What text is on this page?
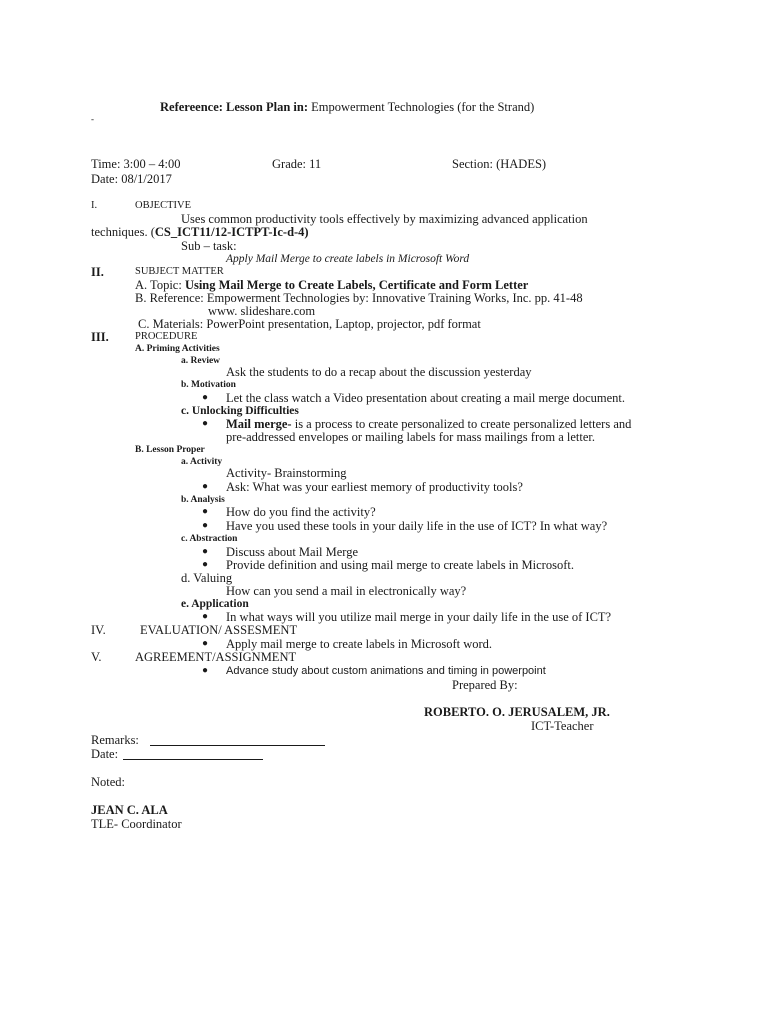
Refereence: Lesson Plan in: Empowerment Technologies (for the Strand)
-
Time: 3:00 – 4:00	Grade: 11	Section: (HADES)
Date: 08/1/2017
I.	OBJECTIVE
Uses common productivity tools effectively by maximizing advanced application
techniques. (CS_ICT11/12-ICTPT-Ic-d-4)
Sub – task:
Apply Mail Merge to create labels in Microsoft Word
II.	SUBJECT MATTER
A. Topic: Using Mail Merge to Create Labels, Certificate and Form Letter
B. Reference: Empowerment Technologies by: Innovative Training Works, Inc. pp. 41-48
www. slideshare.com
C. Materials: PowerPoint presentation, Laptop, projector, pdf format
III.	PROCEDURE
A. Priming Activities
a. Review
Ask the students to do a recap about the discussion yesterday
b. Motivation
● Let the class watch a Video presentation about creating a mail merge document.
c. Unlocking Difficulties
● Mail merge- is a process to create personalized to create personalized letters and
pre-addressed envelopes or mailing labels for mass mailings from a letter.
B. Lesson Proper
a. Activity
Activity- Brainstorming
● Ask: What was your earliest memory of productivity tools?
b. Analysis
● How do you find the activity?
● Have you used these tools in your daily life in the use of ICT? In what way?
c. Abstraction
● Discuss about Mail Merge
● Provide definition and using mail merge to create labels in Microsoft.
d. Valuing
How can you send a mail in electronically way?
e. Application
● In what ways will you utilize mail merge in your daily life in the use of ICT?
IV.	EVALUATION/ ASSESMENT
● Apply mail merge to create labels in Microsoft word.
V.	AGREEMENT/ASSIGNMENT
● Advance study about custom animations and timing in powerpoint
Prepared By:
ROBERTO. O. JERUSALEM, JR.
ICT-Teacher
Remarks:
Date:
Noted:
JEAN C. ALA
TLE- Coordinator
